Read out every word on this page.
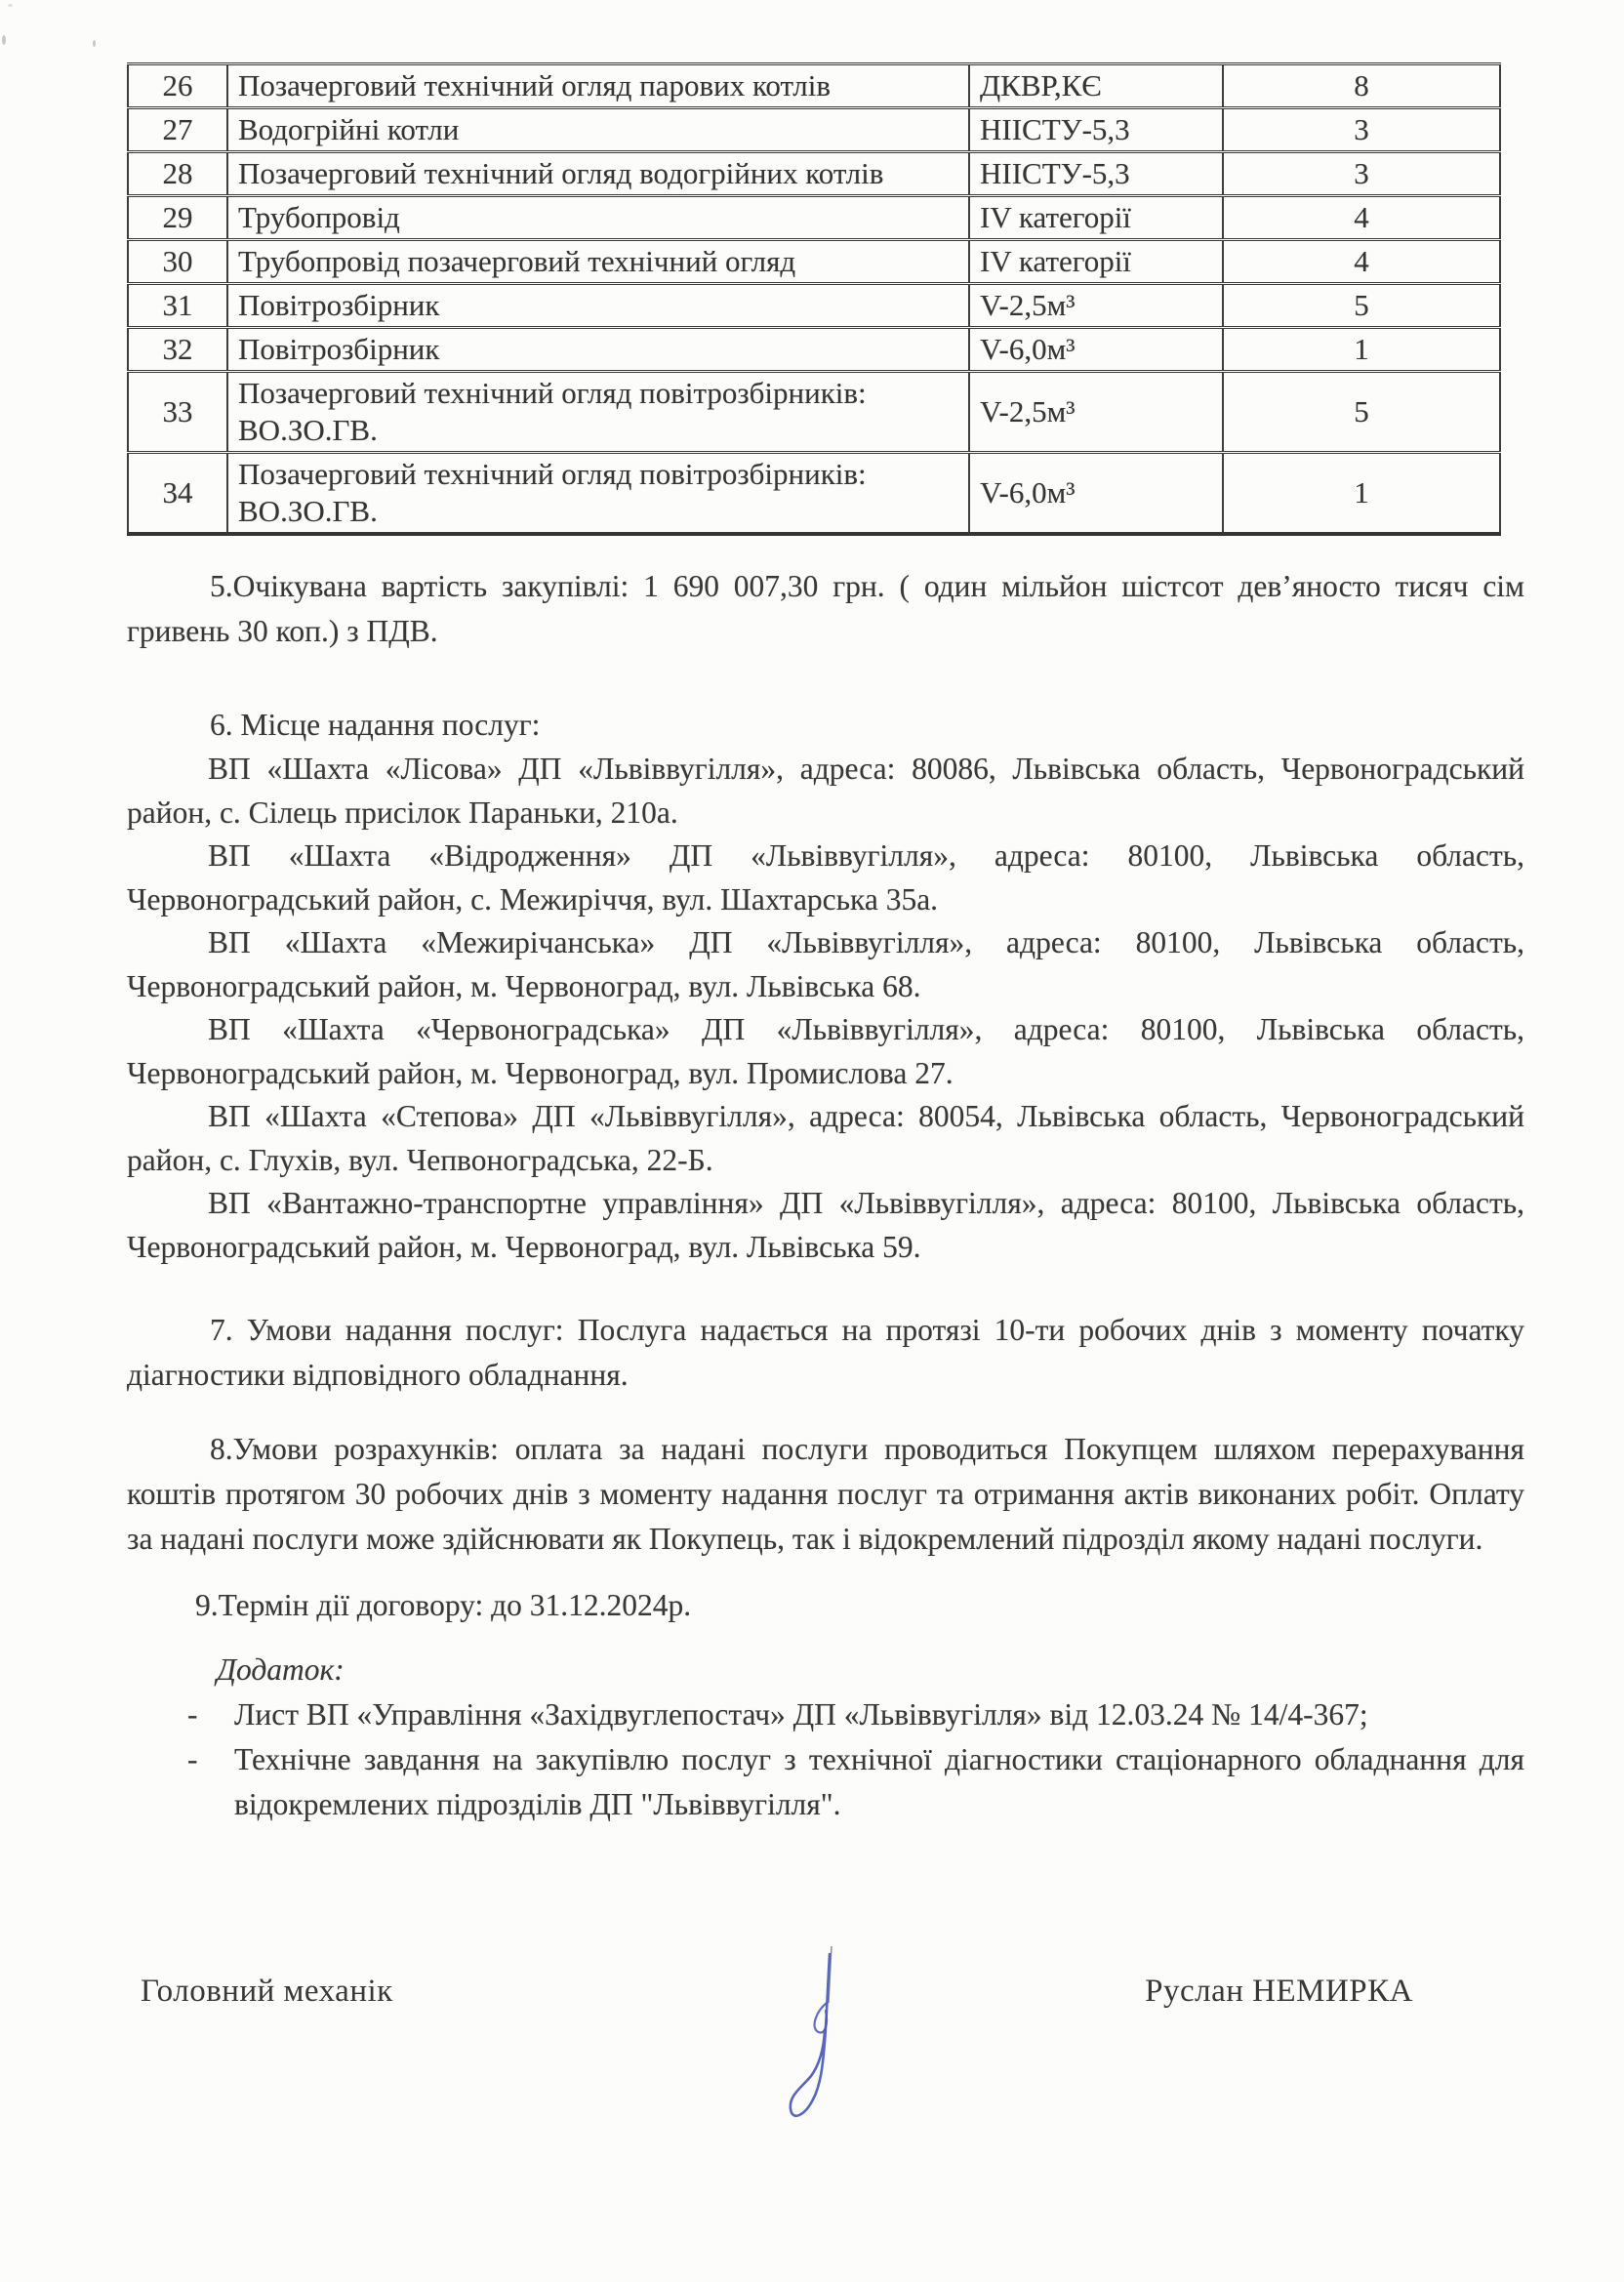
26	Позачерговий технічний огляд парових котлів	ДКВР,КЄ	8
27	Водогрійні котли	НІІСТУ-5,3	3
28	Позачерговий технічний огляд водогрійних котлів	НІІСТУ-5,3	3
29	Трубопровід	IV категорії	4
30	Трубопровід позачерговий технічний огляд	IV категорії	4
31	Повітрозбірник	V-2,5м³	5
32	Повітрозбірник	V-6,0м³	1
33	Позачерговий технічний огляд повітрозбірників: ВО.ЗО.ГВ.	V-2,5м³	5
34	Позачерговий технічний огляд повітрозбірників: ВО.ЗО.ГВ.	V-6,0м³	1

5.Очікувана вартість закупівлі: 1 690 007,30 грн. ( один мільйон шістсот дев’яносто тисяч сім гривень 30 коп.) з ПДВ.

6. Місце надання послуг:

ВП «Шахта «Лісова» ДП «Львіввугілля», адреса: 80086, Львівська область, Червоноградський район, с. Сілець присілок Параньки, 210а.

ВП «Шахта «Відродження» ДП «Львіввугілля», адреса: 80100, Львівська область, Червоноградський район, с. Межиріччя, вул. Шахтарська 35а.

ВП «Шахта «Межирічанська» ДП «Львіввугілля», адреса: 80100, Львівська область, Червоноградський район, м. Червоноград, вул. Львівська 68.

ВП «Шахта «Червоноградська» ДП «Львіввугілля», адреса: 80100, Львівська область, Червоноградський район, м. Червоноград, вул. Промислова 27.

ВП «Шахта «Степова» ДП «Львіввугілля», адреса: 80054, Львівська область, Червоноградський район, с. Глухів, вул. Чепвоноградська, 22-Б.

ВП «Вантажно-транспортне управління» ДП «Львіввугілля», адреса: 80100, Львівська область, Червоноградський район, м. Червоноград, вул. Львівська 59.

7. Умови надання послуг: Послуга надається на протязі 10-ти робочих днів з моменту початку діагностики відповідного обладнання.

8.Умови розрахунків: оплата за надані послуги проводиться Покупцем шляхом перерахування коштів протягом 30 робочих днів з моменту надання послуг та отримання актів виконаних робіт. Оплату за надані послуги може здійснювати як Покупець, так і відокремлений підрозділ якому надані послуги.

9.Термін дії договору: до 31.12.2024р.

Додаток:

- Лист ВП «Управління «Західвуглепостач» ДП «Львіввугілля» від 12.03.24 № 14/4-367;
- Технічне завдання на закупівлю послуг з технічної діагностики стаціонарного обладнання для відокремлених підрозділів ДП "Львіввугілля".
Головний механік	Руслан НЕМИРКА
